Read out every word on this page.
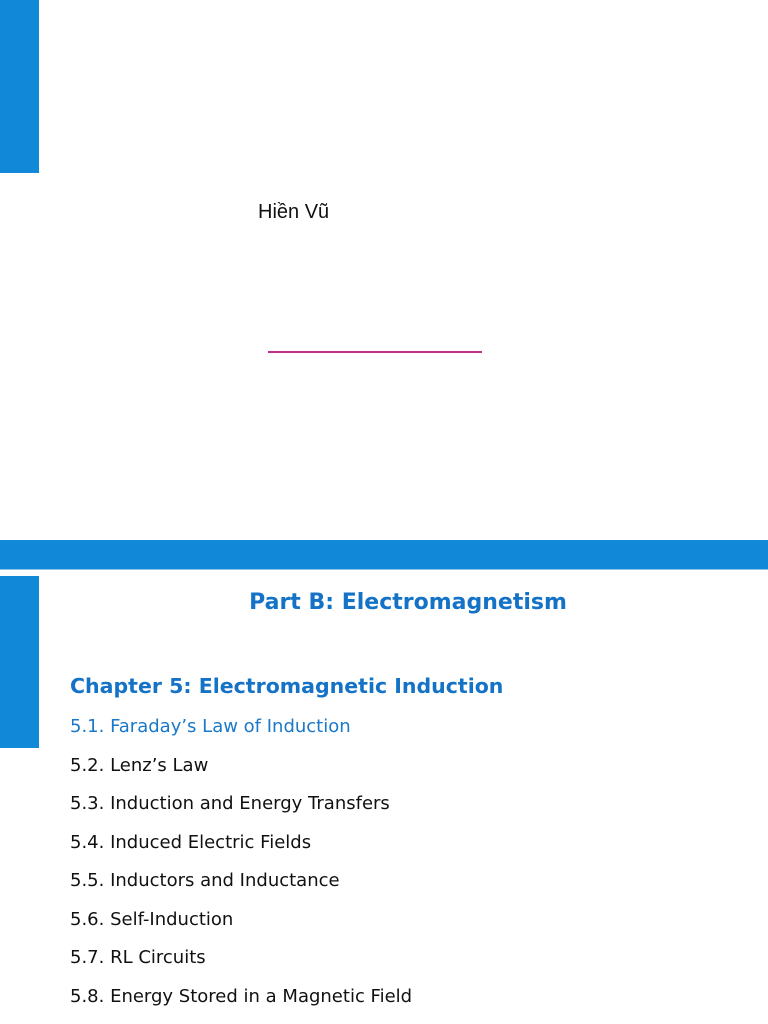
Hiền Vũ
Part B: Electromagnetism
Chapter 5: Electromagnetic Induction
5.1. Faraday’s Law of Induction
5.2. Lenz’s Law
5.3. Induction and Energy Transfers
5.4. Induced Electric Fields
5.5. Inductors and Inductance
5.6. Self-Induction
5.7. RL Circuits
5.8. Energy Stored in a Magnetic Field
